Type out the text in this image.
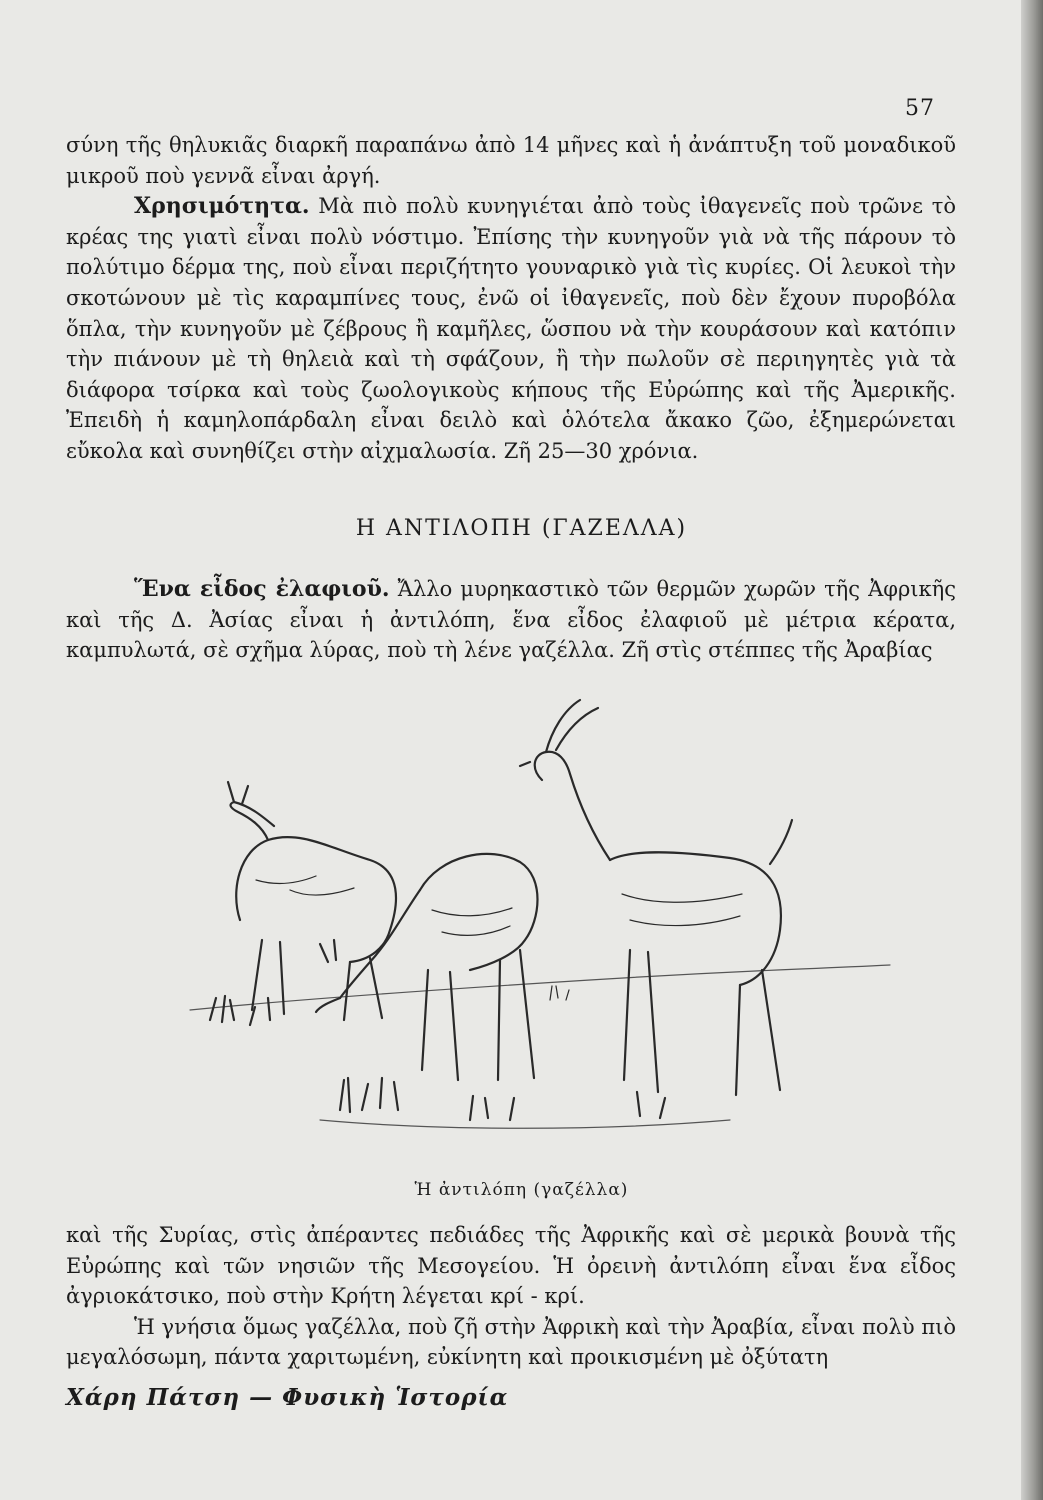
57

σύνη τῆς θηλυκιᾶς διαρκῆ παραπάνω ἀπὸ 14 μῆνες καὶ ἡ ἀνάπτυξη τοῦ μοναδικοῦ μικροῦ ποὺ γεννᾶ εἶναι ἀργή.

Χρησιμότητα. Μὰ πιὸ πολὺ κυνηγιέται ἀπὸ τοὺς ἰθαγενεῖς ποὺ τρῶνε τὸ κρέας της γιατὶ εἶναι πολὺ νόστιμο. Ἐπίσης τὴν κυνηγοῦν γιὰ νὰ τῆς πάρουν τὸ πολύτιμο δέρμα της, ποὺ εἶναι περιζήτητο γουναρικὸ γιὰ τὶς κυρίες. Οἱ λευκοὶ τὴν σκοτώνουν μὲ τὶς καραμπίνες τους, ἐνῶ οἱ ἰθαγενεῖς, ποὺ δὲν ἔχουν πυροβόλα ὅπλα, τὴν κυνηγοῦν μὲ ζέβρους ἢ καμῆλες, ὥσπου νὰ τὴν κουράσουν καὶ κατόπιν τὴν πιάνουν μὲ τὴ θηλειὰ καὶ τὴ σφάζουν, ἢ τὴν πωλοῦν σὲ περιηγητὲς γιὰ τὰ διάφορα τσίρκα καὶ τοὺς ζωολογικοὺς κήπους τῆς Εὐρώπης καὶ τῆς Ἀμερικῆς. Ἐπειδὴ ἡ καμηλοπάρδαλη εἶναι δειλὸ καὶ ὁλότελα ἄκακο ζῶο, ἐξημερώνεται εὔκολα καὶ συνηθίζει στὴν αἰχμαλωσία. Ζῆ 25—30 χρόνια.

Η ΑΝΤΙΛΟΠΗ (ΓΑΖΕΛΛΑ)

Ἕνα εἶδος ἐλαφιοῦ. Ἄλλο μυρηκαστικὸ τῶν θερμῶν χωρῶν τῆς Ἀφρικῆς καὶ τῆς Δ. Ἀσίας εἶναι ἡ ἀντιλόπη, ἕνα εἶδος ἐλαφιοῦ μὲ μέτρια κέρατα, καμπυλωτά, σὲ σχῆμα λύρας, ποὺ τὴ λένε γαζέλλα. Ζῆ στὶς στέππες τῆς Ἀραβίας

Ἡ ἀντιλόπη (γαζέλλα)

καὶ τῆς Συρίας, στὶς ἀπέραντες πεδιάδες τῆς Ἀφρικῆς καὶ σὲ μερικὰ βουνὰ τῆς Εὐρώπης καὶ τῶν νησιῶν τῆς Μεσογείου. Ἡ ὀρεινὴ ἀντιλόπη εἶναι ἕνα εἶδος ἀγριοκάτσικο, ποὺ στὴν Κρήτη λέγεται κρί - κρί.

Ἡ γνήσια ὅμως γαζέλλα, ποὺ ζῆ στὴν Ἀφρικὴ καὶ τὴν Ἀραβία, εἶναι πολὺ πιὸ μεγαλόσωμη, πάντα χαριτωμένη, εὐκίνητη καὶ προικισμένη μὲ ὀξύτατη

Χάρη Πάτση — Φυσικὴ Ἱστορία
